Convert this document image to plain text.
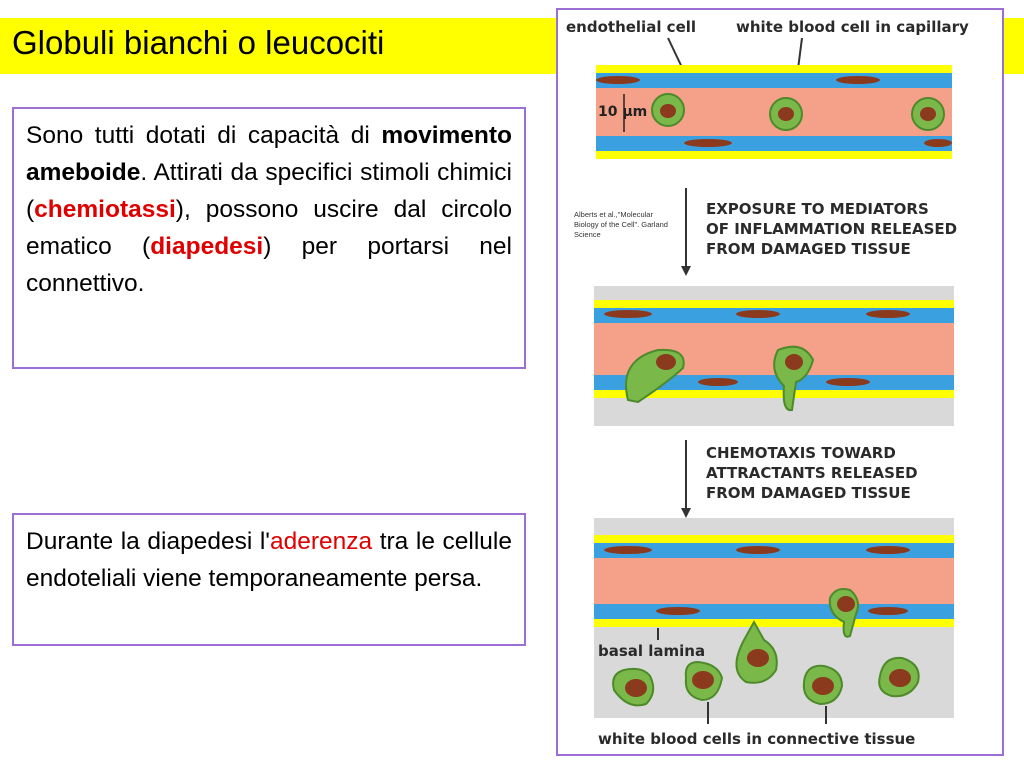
Globuli bianchi o leucociti
Sono tutti dotati di capacità di movimento ameboide. Attirati da specifici stimoli chimici (chemiotassi), possono uscire dal circolo ematico (diapedesi) per portarsi nel connettivo.
Durante la diapedesi l'aderenza tra le cellule endoteliali viene temporaneamente persa.
endothelial cell	white blood cell in capillary
10 μm
EXPOSURE TO MEDIATORS
OF INFLAMMATION RELEASED
FROM DAMAGED TISSUE
CHEMOTAXIS TOWARD
ATTRACTANTS RELEASED
FROM DAMAGED TISSUE
basal lamina
white blood cells in connective tissue
Alberts et al.,"Molecular Biology of the Cell". Garland Science
